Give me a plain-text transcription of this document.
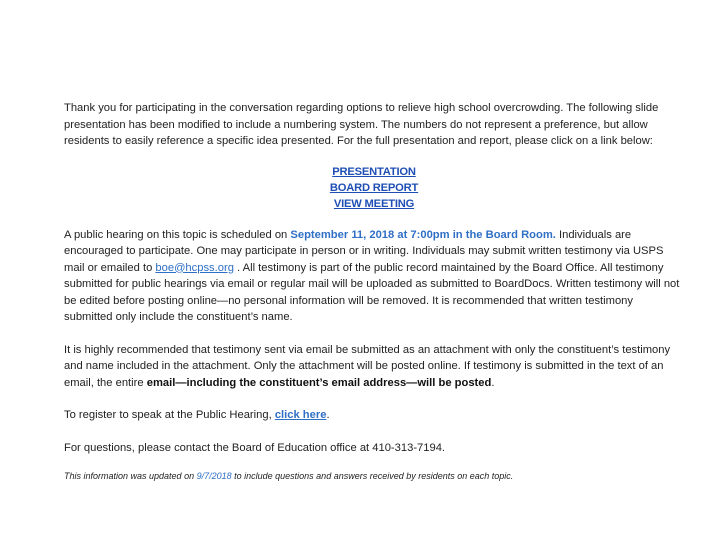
Thank you for participating in the conversation regarding options to relieve high school overcrowding. The following slide presentation has been modified to include a numbering system. The numbers do not represent a preference, but allow residents to easily reference a specific idea presented. For the full presentation and report, please click on a link below:

PRESENTATION
BOARD REPORT
VIEW MEETING

A public hearing on this topic is scheduled on September 11, 2018 at 7:00pm in the Board Room. Individuals are encouraged to participate. One may participate in person or in writing. Individuals may submit written testimony via USPS mail or emailed to boe@hcpss.org . All testimony is part of the public record maintained by the Board Office. All testimony submitted for public hearings via email or regular mail will be uploaded as submitted to BoardDocs. Written testimony will not be edited before posting online—no personal information will be removed. It is recommended that written testimony submitted only include the constituent’s name.

It is highly recommended that testimony sent via email be submitted as an attachment with only the constituent’s testimony and name included in the attachment. Only the attachment will be posted online. If testimony is submitted in the text of an email, the entire email—including the constituent’s email address—will be posted.

To register to speak at the Public Hearing, click here.

For questions, please contact the Board of Education office at 410-313-7194.

This information was updated on 9/7/2018 to include questions and answers received by residents on each topic.
